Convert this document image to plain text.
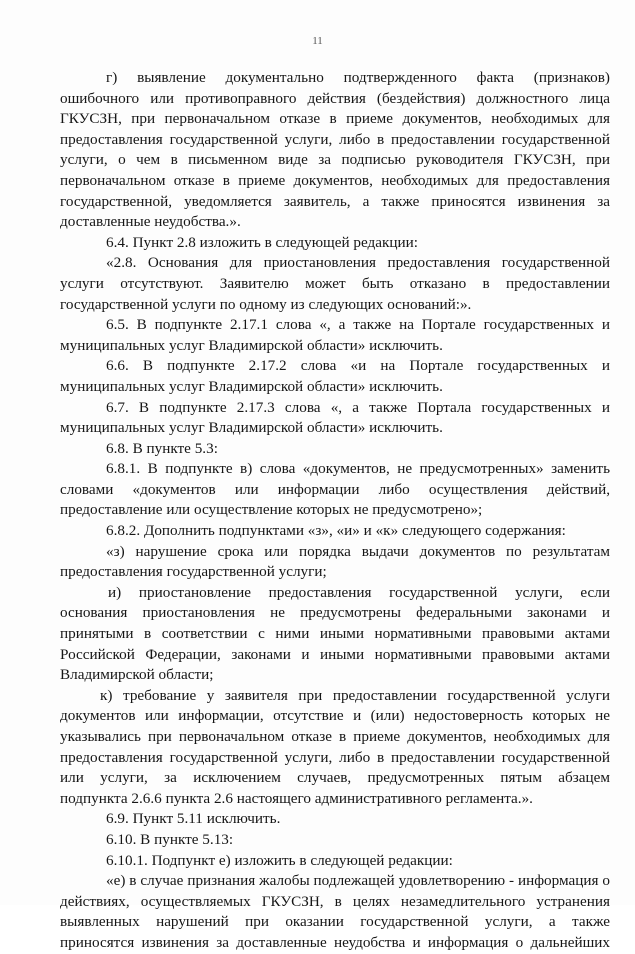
11
г) выявление документально подтвержденного факта (признаков)
ошибочного или противоправного действия (бездействия) должностного лица
ГКУСЗН, при первоначальном отказе в приеме документов, необходимых для
предоставления государственной услуги, либо в предоставлении государственной
услуги, о чем в письменном виде за подписью руководителя ГКУСЗН, при
первоначальном отказе в приеме документов, необходимых для предоставления
государственной, уведомляется заявитель, а также приносятся извинения за
доставленные неудобства.».
6.4. Пункт 2.8 изложить в следующей редакции:
«2.8. Основания для приостановления предоставления государственной
услуги отсутствуют. Заявителю может быть отказано в предоставлении
государственной услуги по одному из следующих оснований:».
6.5. В подпункте 2.17.1 слова «, а также на Портале государственных и
муниципальных услуг Владимирской области» исключить.
6.6. В подпункте 2.17.2 слова «и на Портале государственных и
муниципальных услуг Владимирской области» исключить.
6.7. В подпункте 2.17.3 слова «, а также Портала государственных и
муниципальных услуг Владимирской области» исключить.
6.8. В пункте 5.3:
6.8.1. В подпункте в) слова «документов, не предусмотренных» заменить
словами «документов или информации либо осуществления действий,
предоставление или осуществление которых не предусмотрено»;
6.8.2. Дополнить подпунктами «з», «и» и «к» следующего содержания:
«з) нарушение срока или порядка выдачи документов по результатам
предоставления государственной услуги;
и) приостановление предоставления государственной услуги, если
основания приостановления не предусмотрены федеральными законами и
принятыми в соответствии с ними иными нормативными правовыми актами
Российской Федерации, законами и иными нормативными правовыми актами
Владимирской области;
к) требование у заявителя при предоставлении государственной услуги
документов или информации, отсутствие и (или) недостоверность которых не
указывались при первоначальном отказе в приеме документов, необходимых для
предоставления государственной услуги, либо в предоставлении государственной
или услуги, за исключением случаев, предусмотренных пятым абзацем
подпункта 2.6.6 пункта 2.6 настоящего административного регламента.».
6.9. Пункт 5.11 исключить.
6.10. В пункте 5.13:
6.10.1. Подпункт е) изложить в следующей редакции:
«е) в случае признания жалобы подлежащей удовлетворению - информация о
действиях, осуществляемых ГКУСЗН, в целях незамедлительного устранения
выявленных нарушений при оказании государственной услуги, а также
приносятся извинения за доставленные неудобства и информация о дальнейших
